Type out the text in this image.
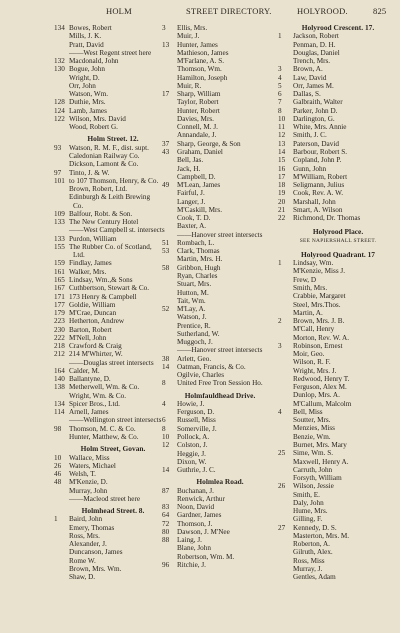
HOLM	STREET DIRECTORY.	HOLYROOD.	825
134 Bowes, Robert
Mills, J. K.
Pratt, David
——West Regent street here
132 Macdonald, John
130 Bogue, John
Wright, D.
Orr, John
Watson, Wm.
128 Duthie, Mrs.
124 Lamb, James
122 Wilson, Mrs. David
Wood, Robert G.
Holm Street. 12.
93 Watson, R. M. F., dist. supt.
Caledonian Railway Co.
Dickson, Lamont & Co.
97 Tinto, J. & W.
101 to 107 Thomson, Henry, & Co.
Brown, Robert, Ltd.
Edinburgh & Leith Brewing
Co.
109 Balfour, Robt. & Son.
133 The New Century Hotel
——West Campbell st. intersects
133 Purdon, William
155 The Rubber Co. of Scotland,
Ltd.
159 Findlay, James
161 Walker, Mrs.
165 Lindsay, Wm.,& Sons
167 Cuthbertson, Stewart & Co.
171 173 Henry & Campbell
177 Goldie, William
179 M'Crae, Duncan
223 Hetherton, Andrew
230 Barton, Robert
222 M'Nell, John
218 Crawford & Craig
212 214 M'Whirter, W.
——Douglas street intersects
164 Calder, M.
140 Ballantyne, D.
138 Metherwell, Wm. & Co.
Wright, Wm. & Co.
134 Spicer Bros., Ltd.
114 Arnell, James
——Wellington street intersects
98 Thomson, M. C. & Co.
Hunter, Matthew, & Co.
Holm Street, Govan.
10 Wallace, Miss
26 Waters, Michael
46 Welsh, T.
48 M'Kenzie, D.
Murray, John
——Macleod street here
Holmhead Street. 8.
1 Baird, John
Emery, Thomas
Ross, Mrs.
Alexander, J.
Duncanson, James
Rome W.
Brown, Mrs. Wm.
Shaw, D.
3 Ellis, Mrs.
Muir, J.
13 Hunter, James
Mathieson, James
M'Farlane, A. S.
Thomson, Wm.
Hamilton, Joseph
Muir, R.
17 Sharp, William
Taylor, Robert
Hunter, Robert
Davies, Mrs.
Connell, M. J.
Annandale, J.
37 Sharp, George, & Son
43 Graham, Daniel
Bell, Jas.
Jack, H.
Campbell, D.
49 M'Lean, James
Fairful, J.
Langer, J.
M'Caskill, Mrs.
Cook, T. D.
Baxter, A.
——Hanover street intersects
51 Rombach, L.
53 Clark, Thomas
Martin, Mrs. H.
58 Gribbon, Hugh
Ryan, Charles
Stuart, Mrs.
Hutton, M.
Tait, Wm.
52 M'Lay, A.
Watson, J.
Prentice, R.
Sutherland, W.
Muggoch, J.
——Hanover street intersects
38 Arlett, Geo.
14 Oatman, Francis, & Co.
Ogilvie, Charles
8 United Free Tron Session Ho.
Holmfauldhead Drive.
4 Howie, J.
Ferguson, D.
6 Russell, Miss
8 Somerville, J.
10 Pollock, A.
12 Colston, J.
Heggie, J.
Dixon, W.
14 Guthrie, J. C.
Holmlea Road.
87 Buchanan, J.
Renwick, Arthur
83 Noon, David
64 Gardner, James
72 Thomson, J.
80 Dawson, J. M'Nee
88 Laing, J.
Blane, John
Robertson, Wm. M.
96 Ritchie, J.
Holyrood Crescent. 17.
1 Jackson, Robert
Penman, D. H.
Douglas, Daniel
Trench, Mrs.
3 Brown, A.
4 Law, David
5 Orr, James M.
6 Dallas, S.
7 Galbraith, Walter
8 Parker, John D.
10 Darlington, G.
11 White, Mrs. Annie
12 Smith, J. C.
13 Paterson, David
14 Barbour, Robert S.
15 Copland, John P.
16 Gunn, John
17 M'William, Robert
18 Seligmann, Julius
19 Cook, Rev. A. W.
20 Marshall, John
21 Smart, A. Wilson
22 Richmond, Dr. Thomas
Holyrood Place.
SEE NAPIERSHALL STREET.
Holyrood Quadrant. 17
1 Lindsay, Wm.
M'Kenzie, Miss J.
Frew, D
Smith, Mrs.
Crabbie, Margaret
Steel, Mrs.Thos.
Martin, A.
2 Brown, Mrs. J. B.
M'Call, Henry
Morton, Rev. W. A.
3 Robinson, Ernest
Moir, Geo.
Wilson, R. F.
Wright, Mrs. J.
Redwood, Henry T.
Ferguson, Alex M.
Dunlop, Mrs. A.
M'Callum, Malcolm
4 Bell, Miss
Soutter, Mrs.
Menzies, Miss
Benzie, Wm.
Burnet, Mrs. Mary
25 Sime, Wm. S.
Maxwell, Henry A.
Carruth, John
Forsyth, William
26 Wilson, Jessie
Smith, E.
Daly, John
Hume, Mrs.
Gilling, F.
27 Kennedy, D. S.
Masterton, Mrs. M.
Roberton, A.
Gilruth, Alex.
Ross, Miss
Murray, J.
Gentles, Adam
